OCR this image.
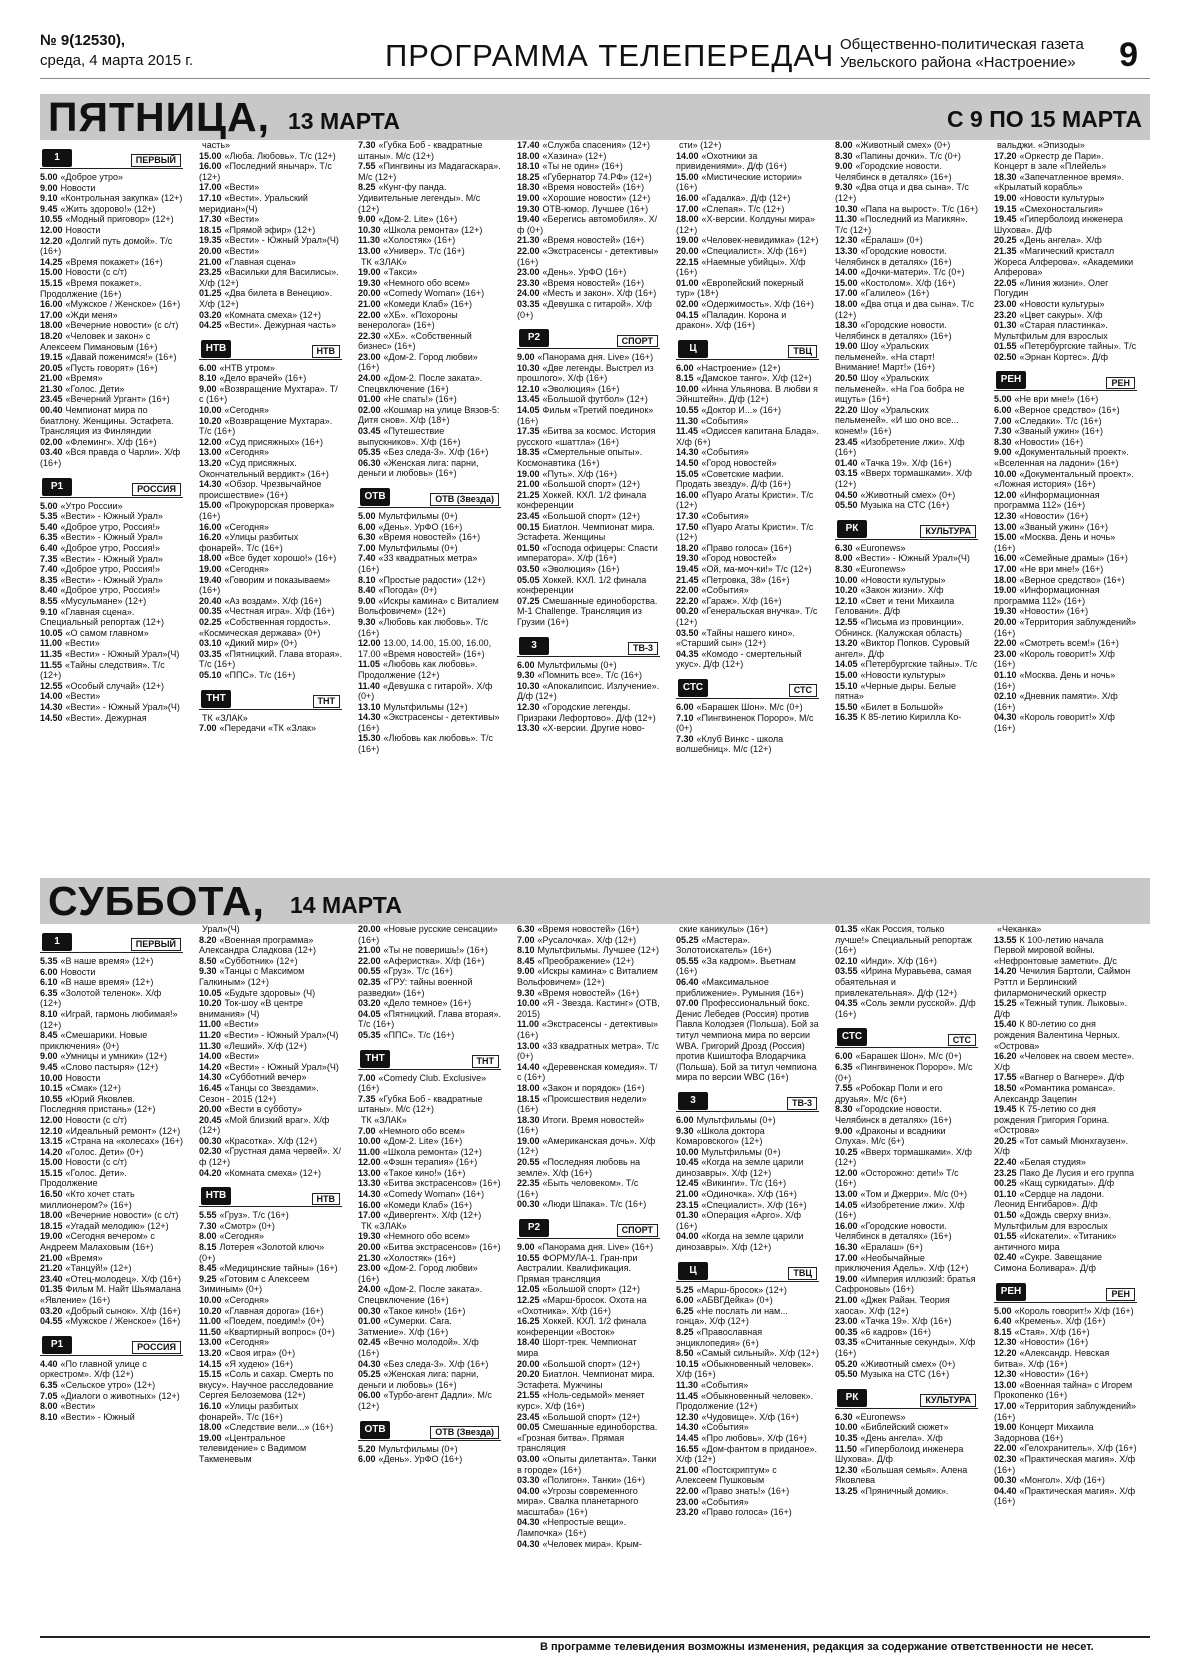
№ 9(12530),
среда, 4 марта 2015 г.	ПРОГРАММА ТЕЛЕПЕРЕДАЧ Общественно-политическая газета Увельского района «Настроение»	9
ПЯТНИЦА, 13 МАРТА	С 9 ПО 15 МАРТА
1	ПЕРВЫЙ
5.00 «Доброе утро»
9.00 Новости
9.10 «Контрольная закупка» (12+)
9.45 «Жить здорово!» (12+)
10.55 «Модный приговор» (12+)
12.00 Новости
12.20 «Долгий путь домой». Т/с (16+)
14.25 «Время покажет» (16+)
15.00 Новости (с с/т)
15.15 «Время покажет». Продолжение (16+)
16.00 «Мужское / Женское» (16+)
17.00 «Жди меня»
18.00 «Вечерние новости» (с с/т)
18.20 «Человек и закон» с Алексеем Пимановым (16+)
19.15 «Давай поженимся!» (16+)
20.05 «Пусть говорят» (16+)
21.00 «Время»
21.30 «Голос. Дети»
23.45 «Вечерний Ургант» (16+)
00.40 Чемпионат мира по биатлону. Женщины. Эстафета. Трансляция из Финляндии
02.00 «Флеминг». Х/ф (16+)
03.40 «Вся правда о Чарли». Х/ф (16+)
Р1	РОССИЯ
5.00 «Утро России»
5.35 «Вести» - Южный Урал»
5.40 «Доброе утро, Россия!»
6.35 «Вести» - Южный Урал»
6.40 «Доброе утро, Россия!»
7.35 «Вести» - Южный Урал»
7.40 «Доброе утро, Россия!»
8.35 «Вести» - Южный Урал»
8.40 «Доброе утро, Россия!»
8.55 «Мусульмане» (12+)
9.10 «Главная сцена». Специальный репортаж (12+)
10.05 «О самом главном»
11.00 «Вести»
11.35 «Вести» - Южный Урал»(Ч)
11.55 «Тайны следствия». Т/с (12+)
12.55 «Особый случай» (12+)
14.00 «Вести»
14.30 «Вести» - Южный Урал»(Ч)
14.50 «Вести». Дежурная
часть»
15.00 «Люба. Любовь». Т/с (12+)
16.00 «Последний янычар». Т/с (12+)
17.00 «Вести»
17.10 «Вести». Уральский меридиан»(Ч)
17.30 «Вести»
18.15 «Прямой эфир» (12+)
19.35 «Вести» - Южный Урал»(Ч)
20.00 «Вести»
21.00 «Главная сцена»
23.25 «Васильки для Василисы». Х/ф (12+)
01.25 «Два билета в Венецию». Х/ф (12+)
03.20 «Комната смеха» (12+)
04.25 «Вести». Дежурная часть»
НТВ	НТВ
6.00 «НТВ утром»
8.10 «Дело врачей» (16+)
9.00 «Возвращение Мухтара». Т/с (16+)
10.00 «Сегодня»
10.20 «Возвращение Мухтара». Т/с (16+)
12.00 «Суд присяжных» (16+)
13.00 «Сегодня»
13.20 «Суд присяжных. Окончательный вердикт» (16+)
14.30 «Обзор. Чрезвычайное происшествие» (16+)
15.00 «Прокурорская проверка» (16+)
16.00 «Сегодня»
16.20 «Улицы разбитых фонарей». Т/с (16+)
18.00 «Все будет хорошо!» (16+)
19.00 «Сегодня»
19.40 «Говорим и показываем» (16+)
20.40 «Аз воздам». Х/ф (16+)
00.35 «Честная игра». Х/ф (16+)
02.25 «Собственная гордость». «Космическая держава» (0+)
03.10 «Дикий мир» (0+)
03.35 «Пятницкий. Глава вторая». Т/с (16+)
05.10 «ППС». Т/с (16+)
ТНТ	ТНТ
ТК «ЗЛАК»
7.00 «Передачи «ТК «Злак»
7.30 «Губка Боб - квадратные штаны». М/с (12+)
7.55 «Пингвины из Мадагаскара». М/с (12+)
8.25 «Кунг-фу панда. Удивительные легенды». М/с (12+)
9.00 «Дом-2. Lite» (16+)
10.30 «Школа ремонта» (12+)
11.30 «Холостяк» (16+)
13.00 «Универ». Т/с (16+)
ТК «ЗЛАК»
19.00 «Такси»
19.30 «Немного обо всем»
20.00 «Comedy Woman» (16+)
21.00 «Комеди Клаб» (16+)
22.00 «ХБ». «Похороны венеролога» (16+)
22.30 «ХБ». «Собственный бизнес» (16+)
23.00 «Дом-2. Город любви» (16+)
24.00 «Дом-2. После заката». Спецвключение (16+)
01.00 «Не спать!» (16+)
02.00 «Кошмар на улице Вязов-5: Дитя снов». Х/ф (18+)
03.45 «Путешествие выпускников». Х/ф (16+)
05.35 «Без следа-3». Х/ф (16+)
06.30 «Женская лига: парни, деньги и любовь» (16+)
ОТВ	ОТВ (Звезда)
5.00 Мультфильмы (0+)
6.00 «День». УрФО (16+)
6.30 «Время новостей» (16+)
7.00 Мультфильмы (0+)
7.40 «33 квадратных метра» (16+)
8.10 «Простые радости» (12+)
8.40 «Погода» (0+)
9.00 «Искры камина» с Виталием Вольфовичем» (12+)
9.30 «Любовь как любовь». Т/с (16+)
12.00 13.00, 14.00, 15.00, 16.00, 17.00 «Время новостей» (16+)
11.05 «Любовь как любовь». Продолжение (12+)
11.40 «Девушка с гитарой». Х/ф (0+)
13.10 Мультфильмы (12+)
14.30 «Экстрасенсы - детективы» (16+)
15.30 «Любовь как любовь». Т/с (16+)
17.40 «Служба спасения» (12+)
18.00 «Хазина» (12+)
18.10 «Ты не один» (16+)
18.25 «Губернатор 74.РФ» (12+)
18.30 «Время новостей» (16+)
19.00 «Хорошие новости» (12+)
19.30 ОТВ-юмор. Лучшее (16+)
19.40 «Берегись автомобиля». Х/ф (0+)
21.30 «Время новостей» (16+)
22.00 «Экстрасенсы - детективы» (16+)
23.00 «День». УрФО (16+)
23.30 «Время новостей» (16+)
24.00 «Месть и закон». Х/ф (16+)
03.35 «Девушка с гитарой». Х/ф (0+)
Р2	СПОРТ
9.00 «Панорама дня. Live» (16+)
10.30 «Две легенды. Выстрел из прошлого». Х/ф (16+)
12.10 «Эволюция» (16+)
13.45 «Большой футбол» (12+)
14.05 Фильм «Третий поединок» (16+)
17.35 «Битва за космос. История русского «шаттла» (16+)
18.35 «Смертельные опыты». Космонавтика (16+)
19.00 «Путь». Х/ф (16+)
21.00 «Большой спорт» (12+)
21.25 Хоккей. КХЛ. 1/2 финала конференции
23.45 «Большой спорт» (12+)
00.15 Биатлон. Чемпионат мира. Эстафета. Женщины
01.50 «Господа офицеры: Спасти императора». Х/ф (16+)
03.50 «Эволюция» (16+)
05.05 Хоккей. КХЛ. 1/2 финала конференции
07.25 Смешанные единоборства. M-1 Challenge. Трансляция из Грузии (16+)
3	ТВ-3
6.00 Мультфильмы (0+)
9.30 «Помнить все». Т/с (16+)
10.30 «Апокалипсис. Излучение». Д/ф (12+)
12.30 «Городские легенды. Призраки Лефортово». Д/ф (12+)
13.30 «Х-версии. Другие ново-
сти» (12+)
14.00 «Охотники за привидениями». Д/ф (16+)
15.00 «Мистические истории» (16+)
16.00 «Гадалка». Д/ф (12+)
17.00 «Слепая». Т/с (12+)
18.00 «Х-версии. Колдуны мира» (12+)
19.00 «Человек-невидимка» (12+)
20.00 «Специалист». Х/ф (16+)
22.15 «Наемные убийцы». Х/ф (16+)
01.00 «Европейский покерный тур» (18+)
02.00 «Одержимость». Х/ф (16+)
04.15 «Паладин. Корона и дракон». Х/ф (16+)
Ц	ТВЦ
6.00 «Настроение» (12+)
8.15 «Дамское танго». Х/ф (12+)
10.00 «Инна Ульянова. В любви я Эйнштейн». Д/ф (12+)
10.55 «Доктор И...» (16+)
11.30 «События»
11.45 «Одиссея капитана Блада». Х/ф (6+)
14.30 «События»
14.50 «Город новостей»
15.05 «Советские мафии. Продать звезду». Д/ф (16+)
16.00 «Пуаро Агаты Кристи». Т/с (12+)
17.30 «События»
17.50 «Пуаро Агаты Кристи». Т/с (12+)
18.20 «Право голоса» (16+)
19.30 «Город новостей»
19.45 «Ой, ма-моч-ки!» Т/с (12+)
21.45 «Петровка, 38» (16+)
22.00 «События»
22.20 «Гараж». Х/ф (16+)
00.20 «Генеральская внучка». Т/с (12+)
03.50 «Тайны нашего кино». «Старший сын» (12+)
04.35 «Комодо - смертельный укус». Д/ф (12+)
СТС	СТС
6.00 «Барашек Шон». М/с (0+)
7.10 «Пингвиненок Пороро». М/с (0+)
7.30 «Клуб Винкс - школа волшебниц». М/с (12+)
8.00 «Животный смех» (0+)
8.30 «Папины дочки». Т/с (0+)
9.00 «Городские новости. Челябинск в деталях» (16+)
9.30 «Два отца и два сына». Т/с (12+)
10.30 «Папа на вырост». Т/с (16+)
11.30 «Последний из Магикян». Т/с (12+)
12.30 «Ералаш» (0+)
13.30 «Городские новости. Челябинск в деталях» (16+)
14.00 «Дочки-матери». Т/с (0+)
15.00 «Костолом». Х/ф (16+)
17.00 «Галилео» (16+)
18.00 «Два отца и два сына». Т/с (12+)
18.30 «Городские новости. Челябинск в деталях» (16+)
19.00 Шоу «Уральских пельменей». «На старт! Внимание! Март!» (16+)
20.50 Шоу «Уральских пельменей». «На Гоа бобра не ищуть» (16+)
22.20 Шоу «Уральских пельменей». «И шо оно все... конем!» (16+)
23.45 «Изобретение лжи». Х/ф (16+)
01.40 «Тачка 19». Х/ф (16+)
03.15 «Вверх тормашками». Х/ф (12+)
04.50 «Животный смех» (0+)
05.50 Музыка на СТС (16+)
РК	КУЛЬТУРА
6.30 «Euronews»
8.00 «Вести» - Южный Урал»(Ч)
8.30 «Euronews»
10.00 «Новости культуры»
10.20 «Закон жизни». Х/ф
12.10 «Свет и тени Михаила Геловани». Д/ф
12.55 «Письма из провинции». Обнинск. (Калужская область)
13.20 «Виктор Попков. Суровый ангел». Д/ф
14.05 «Петербургские тайны». Т/с
15.00 «Новости культуры»
15.10 «Черные дыры. Белые пятна»
15.50 «Билет в Большой»
16.35 К 85-летию Кирилла Ко-
вальджи. «Эпизоды»
17.20 «Оркестр де Пари». Концерт в зале «Плейель»
18.30 «Запечатленное время». «Крылатый корабль»
19.00 «Новости культуры»
19.15 «Смехоностальгия»
19.45 «Гиперболоид инженера Шухова». Д/ф
20.25 «День ангела». Х/ф
21.35 «Магический кристалл Жореса Алферова». «Академики Алферова»
22.05 «Линия жизни». Олег Погудин
23.00 «Новости культуры»
23.20 «Цвет сакуры». Х/ф
01.30 «Старая пластинка». Мультфильм для взрослых
01.55 «Петербургские тайны». Т/с
02.50 «Эрнан Кортес». Д/ф
РЕН	РЕН
5.00 «Не ври мне!» (16+)
6.00 «Верное средство» (16+)
7.00 «Следаки». Т/с (16+)
7.30 «Званый ужин» (16+)
8.30 «Новости» (16+)
9.00 «Документальный проект». «Вселенная на ладони» (16+)
10.00 «Документальный проект». «Ложная история» (16+)
12.00 «Информационная программа 112» (16+)
12.30 «Новости» (16+)
13.00 «Званый ужин» (16+)
15.00 «Москва. День и ночь» (16+)
16.00 «Семейные драмы» (16+)
17.00 «Не ври мне!» (16+)
18.00 «Верное средство» (16+)
19.00 «Информационная программа 112» (16+)
19.30 «Новости» (16+)
20.00 «Территория заблуждений» (16+)
22.00 «Смотреть всем!» (16+)
23.00 «Король говорит!» Х/ф (16+)
01.10 «Москва. День и ночь» (16+)
02.10 «Дневник памяти». Х/ф (16+)
04.30 «Король говорит!» Х/ф (16+)
СУББОТА, 14 МАРТА
1	ПЕРВЫЙ
5.35 «В наше время» (12+)
6.00 Новости
6.10 «В наше время» (12+)
6.35 «Золотой теленок». Х/ф (12+)
8.10 «Играй, гармонь любимая!» (12+)
8.45 «Смешарики. Новые приключения» (0+)
9.00 «Умницы и умники» (12+)
9.45 «Слово пастыря» (12+)
10.00 Новости
10.15 «Смак» (12+)
10.55 «Юрий Яковлев. Последняя пристань» (12+)
12.00 Новости (с с/т)
12.10 «Идеальный ремонт» (12+)
13.15 «Страна на «колесах» (16+)
14.20 «Голос. Дети» (0+)
15.00 Новости (с с/т)
15.15 «Голос. Дети». Продолжение
16.50 «Кто хочет стать миллионером?» (16+)
18.00 «Вечерние новости» (с с/т)
18.15 «Угадай мелодию» (12+)
19.00 «Сегодня вечером» с Андреем Малаховым (16+)
21.00 «Время»
21.20 «Танцуй!» (12+)
23.40 «Отец-молодец». Х/ф (16+)
01.35 Фильм М. Найт Шьямалана «Явление» (16+)
03.20 «Добрый сынок». Х/ф (16+)
04.55 «Мужское / Женское» (16+)
Р1	РОССИЯ
4.40 «По главной улице с оркестром». Х/ф (12+)
6.35 «Сельское утро» (12+)
7.05 «Диалоги о животных» (12+)
8.00 «Вести»
8.10 «Вести» - Южный
Урал»(Ч)
8.20 «Военная программа» Александра Сладкова (12+)
8.50 «Субботник» (12+)
9.30 «Танцы с Максимом Галкиным» (12+)
10.05 «Будьте здоровы» (Ч)
10.20 Ток-шоу «В центре внимания» (Ч)
11.00 «Вести»
11.20 «Вести» - Южный Урал»(Ч)
11.30 «Леший». Х/ф (12+)
14.00 «Вести»
14.20 «Вести» - Южный Урал»(Ч)
14.30 «Субботний вечер»
16.45 «Танцы со Звездами». Сезон - 2015 (12+)
20.00 «Вести в субботу»
20.45 «Мой близкий враг». Х/ф (12+)
00.30 «Красотка». Х/ф (12+)
02.30 «Грустная дама червей». Х/ф (12+)
04.20 «Комната смеха» (12+)
НТВ	НТВ
5.55 «Груз». Т/с (16+)
7.30 «Смотр» (0+)
8.00 «Сегодня»
8.15 Лотерея «Золотой ключ» (0+)
8.45 «Медицинские тайны» (16+)
9.25 «Готовим с Алексеем Зиминым» (0+)
10.00 «Сегодня»
10.20 «Главная дорога» (16+)
11.00 «Поедем, поедим!» (0+)
11.50 «Квартирный вопрос» (0+)
13.00 «Сегодня»
13.20 «Своя игра» (0+)
14.15 «Я худею» (16+)
15.15 «Соль и сахар. Смерть по вкусу». Научное расследование Сергея Белоземова (12+)
16.10 «Улицы разбитых фонарей». Т/с (16+)
18.00 «Следствие вели...» (16+)
19.00 «Центральное телевидение» с Вадимом Такменевым
20.00 «Новые русские сенсации» (16+)
21.00 «Ты не поверишь!» (16+)
22.00 «Аферистка». Х/ф (16+)
00.55 «Груз». Т/с (16+)
02.35 «ГРУ: тайны военной разведки» (16+)
03.20 «Дело темное» (16+)
04.05 «Пятницкий. Глава вторая». Т/с (16+)
05.35 «ППС». Т/с (16+)
ТНТ	ТНТ
7.00 «Comedy Club. Exclusive» (16+)
7.35 «Губка Боб - квадратные штаны». М/с (12+)
ТК «ЗЛАК»
7.00 «Немного обо всем»
10.00 «Дом-2. Lite» (16+)
11.00 «Школа ремонта» (12+)
12.00 «Фэшн терапия» (16+)
13.00 «Такое кино!» (16+)
13.30 «Битва экстрасенсов» (16+)
14.30 «Comedy Woman» (16+)
16.00 «Комеди Клаб» (16+)
17.00 «Дивергент». Х/ф (12+)
ТК «ЗЛАК»
19.30 «Немного обо всем»
20.00 «Битва экстрасенсов» (16+)
21.30 «Холостяк» (16+)
23.00 «Дом-2. Город любви» (16+)
24.00 «Дом-2. После заката». Спецвключение (16+)
00.30 «Такое кино!» (16+)
01.00 «Сумерки. Сага. Затмение». Х/ф (16+)
02.45 «Вечно молодой». Х/ф (16+)
04.30 «Без следа-3». Х/ф (16+)
05.25 «Женская лига: парни, деньги и любовь» (16+)
06.00 «Турбо-агент Дадли». М/с (12+)
ОТВ	ОТВ (Звезда)
5.20 Мультфильмы (0+)
6.00 «День». УрФО (16+)
6.30 «Время новостей» (16+)
7.00 «Русалочка». Х/ф (12+)
8.10 Мультфильмы. Лучшее (12+)
8.45 «Преображение» (12+)
9.00 «Искры камина» с Виталием Вольфовичем» (12+)
9.30 «Время новостей» (16+)
10.00 «Я - Звезда. Кастинг» (ОТВ, 2015)
11.00 «Экстрасенсы - детективы» (16+)
13.00 «33 квадратных метра». Т/с (0+)
14.40 «Деревенская комедия». Т/с (16+)
18.00 «Закон и порядок» (16+)
18.15 «Происшествия недели» (16+)
18.30 Итоги. Время новостей» (16+)
19.00 «Американская дочь». Х/ф (12+)
20.55 «Последняя любовь на земле». Х/ф (16+)
22.35 «Быть человеком». Т/с (16+)
00.30 «Люди Шпака». Т/с (16+)
Р2	СПОРТ
9.00 «Панорама дня. Live» (16+)
10.55 ФОРМУЛА-1. Гран-при Австралии. Квалификация. Прямая трансляция
12.05 «Большой спорт» (12+)
12.25 «Марш-бросок. Охота на «Охотника». Х/ф (16+)
16.25 Хоккей. КХЛ. 1/2 финала конференции «Восток»
18.40 Шорт-трек. Чемпионат мира
20.00 «Большой спорт» (12+)
20.20 Биатлон. Чемпионат мира. Эстафета. Мужчины
21.55 «Ноль-седьмой» меняет курс». Х/ф (16+)
23.45 «Большой спорт» (12+)
00.05 Смешанные единоборства. «Грозная битва». Прямая трансляция
03.00 «Опыты дилетанта». Танки в городе» (16+)
03.30 «Полигон». Танки» (16+)
04.00 «Угрозы современного мира». Свалка планетарного масштаба» (16+)
04.30 «Непростые вещи». Лампочка» (16+)
04.30 «Человек мира». Крым-
ские каникулы» (16+)
05.25 «Мастера». Золотоискатель» (16+)
05.55 «За кадром». Вьетнам (16+)
06.40 «Максимальное приближение». Румыния (16+)
07.00 Профессиональный бокс. Денис Лебедев (Россия) против Павла Колодзея (Польша). Бой за титул чемпиона мира по версии WBA. Григорий Дрозд (Россия) против Кшиштофа Влодарчика (Польша). Бой за титул чемпиона мира по версии WBC (16+)
3	ТВ-3
6.00 Мультфильмы (0+)
9.30 «Школа доктора Комаровского» (12+)
10.00 Мультфильмы (0+)
10.45 «Когда на земле царили динозавры». Х/ф (12+)
12.45 «Викинги». Т/с (16+)
21.00 «Одиночка». Х/ф (16+)
23.15 «Специалист». Х/ф (16+)
01.30 «Операция «Арго». Х/ф (16+)
04.00 «Когда на земле царили динозавры». Х/ф (12+)
Ц	ТВЦ
5.25 «Марш-бросок» (12+)
6.00 «АБВГДейка» (0+)
6.25 «Не послать ли нам... гонца». Х/ф (12+)
8.25 «Православная энциклопедия» (6+)
8.50 «Самый сильный». Х/ф (12+)
10.15 «Обыкновенный человек». Х/ф (16+)
11.30 «События»
11.45 «Обыкновенный человек». Продолжение (12+)
12.30 «Чудовище». Х/ф (16+)
14.30 «События»
14.45 «Про любовь». Х/ф (16+)
16.55 «Дом-фантом в приданое». Х/ф (12+)
21.00 «Постскриптум» с Алексеем Пушковым
22.00 «Право знать!» (16+)
23.00 «События»
23.20 «Право голоса» (16+)
01.35 «Как Россия, только лучше!» Специальный репортаж (16+)
02.10 «Инди». Х/ф (16+)
03.55 «Ирина Муравьева, самая обаятельная и привлекательная». Д/ф (12+)
04.35 «Соль земли русской». Д/ф (16+)
СТС	СТС
6.00 «Барашек Шон». М/с (0+)
6.35 «Пингвиненок Пороро». М/с (0+)
7.55 «Робокар Поли и его друзья». М/с (6+)
8.30 «Городские новости. Челябинск в деталях» (16+)
9.00 «Драконы и всадники Олуха». М/с (6+)
10.25 «Вверх тормашками». Х/ф (12+)
12.00 «Осторожно: дети!» Т/с (16+)
13.00 «Том и Джерри». М/с (0+)
14.05 «Изобретение лжи». Х/ф (16+)
16.00 «Городские новости. Челябинск в деталях» (16+)
16.30 «Ералаш» (6+)
17.00 «Необычайные приключения Адель». Х/ф (12+)
19.00 «Империя иллюзий: братья Сафроновы» (16+)
21.00 «Джек Райан. Теория хаоса». Х/ф (12+)
23.00 «Тачка 19». Х/ф (16+)
00.35 «6 кадров» (16+)
03.35 «Считанные секунды». Х/ф (16+)
05.20 «Животный смех» (0+)
05.50 Музыка на СТС (16+)
РК	КУЛЬТУРА
6.30 «Euronews»
10.00 «Библейский сюжет»
10.35 «День ангела». Х/ф
11.50 «Гиперболоид инженера Шухова». Д/ф
12.30 «Большая семья». Алена Яковлева
13.25 «Пряничный домик».
«Чеканка»
13.55 К 100-летию начала Первой мировой войны. «Нефронтовые заметки». Д/с
14.20 Чечилия Бартоли, Саймон Рэттл и Берлинский филармонический оркестр
15.25 «Тежный тупик. Лыковы». Д/ф
15.40 К 80-летию со дня рождения Валентина Черных. «Острова»
16.20 «Человек на своем месте». Х/ф
17.55 «Вагнер о Вагнере». Д/ф
18.50 «Романтика романса». Александр Зацепин
19.45 К 75-летию со дня рождения Григория Горина. «Острова»
20.25 «Тот самый Мюнхгаузен». Х/ф
22.40 «Белая студия»
23.25 Пако Де Лусия и его группа
00.25 «Кащ суркидаты». Д/ф
01.10 «Сердце на ладони. Леонид Енгибаров». Д/ф
01.50 «Дождь сверху вниз». Мультфильм для взрослых
01.55 «Искатели». «Титаник» античного мира
02.40 «Сукре. Завещание Симона Боливара». Д/ф
РЕН	РЕН
5.00 «Король говорит!» Х/ф (16+)
6.40 «Кремень». Х/ф (16+)
8.15 «Стая». Х/ф (16+)
12.30 «Новости» (16+)
12.20 «Александр. Невская битва». Х/ф (16+)
12.30 «Новости» (16+)
13.00 «Военная тайна» с Игорем Прокопенко (16+)
17.00 «Территория заблуждений» (16+)
19.00 Концерт Михаила Задорнова (16+)
22.00 «Гелохранитель». Х/ф (16+)
02.30 «Практическая магия». Х/ф (16+)
00.30 «Монгол». Х/ф (16+)
04.40 «Практическая магия». Х/ф (16+)
В программе телевидения возможны изменения, редакция за содержание ответственности не несет.
